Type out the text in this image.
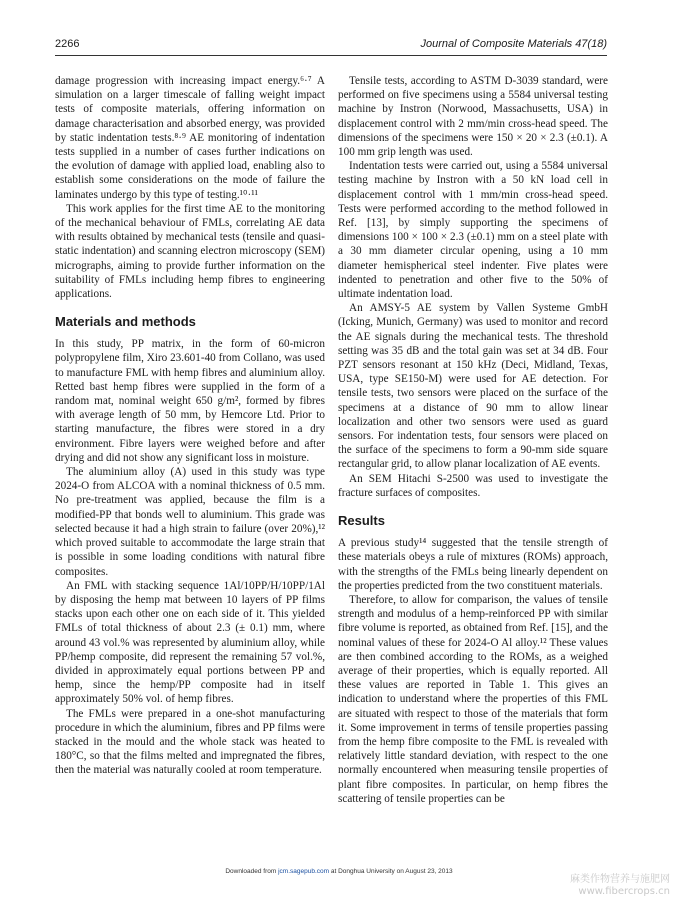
2266	Journal of Composite Materials 47(18)

damage progression with increasing impact energy.⁶·⁷ A simulation on a larger timescale of falling weight impact tests of composite materials, offering information on damage characterisation and absorbed energy, was provided by static indentation tests.⁸·⁹ AE monitoring of indentation tests supplied in a number of cases further indications on the evolution of damage with applied load, enabling also to establish some considerations on the mode of failure the laminates undergo by this type of testing.¹⁰·¹¹

This work applies for the first time AE to the monitoring of the mechanical behaviour of FMLs, correlating AE data with results obtained by mechanical tests (tensile and quasi-static indentation) and scanning electron microscopy (SEM) micrographs, aiming to provide further information on the suitability of FMLs including hemp fibres to engineering applications.

Materials and methods

In this study, PP matrix, in the form of 60-micron polypropylene film, Xiro 23.601-40 from Collano, was used to manufacture FML with hemp fibres and aluminium alloy. Retted bast hemp fibres were supplied in the form of a random mat, nominal weight 650 g/m², formed by fibres with average length of 50 mm, by Hemcore Ltd. Prior to starting manufacture, the fibres were stored in a dry environment. Fibre layers were weighed before and after drying and did not show any significant loss in moisture.

The aluminium alloy (A) used in this study was type 2024-O from ALCOA with a nominal thickness of 0.5 mm. No pre-treatment was applied, because the film is a modified-PP that bonds well to aluminium. This grade was selected because it had a high strain to failure (over 20%),¹² which proved suitable to accommodate the large strain that is possible in some loading conditions with natural fibre composites.

An FML with stacking sequence 1Al/10PP/H/10PP/1Al by disposing the hemp mat between 10 layers of PP films stacks upon each other one on each side of it. This yielded FMLs of total thickness of about 2.3 (± 0.1) mm, where around 43 vol.% was represented by aluminium alloy, while PP/hemp composite, did represent the remaining 57 vol.%, divided in approximately equal portions between PP and hemp, since the hemp/PP composite had in itself approximately 50% vol. of hemp fibres.

The FMLs were prepared in a one-shot manufacturing procedure in which the aluminium, fibres and PP films were stacked in the mould and the whole stack was heated to 180°C, so that the films melted and impregnated the fibres, then the material was naturally cooled at room temperature.

Tensile tests, according to ASTM D-3039 standard, were performed on five specimens using a 5584 universal testing machine by Instron (Norwood, Massachusetts, USA) in displacement control with 2 mm/min cross-head speed. The dimensions of the specimens were 150 × 20 × 2.3 (±0.1). A 100 mm grip length was used.

Indentation tests were carried out, using a 5584 universal testing machine by Instron with a 50 kN load cell in displacement control with 1 mm/min cross-head speed. Tests were performed according to the method followed in Ref. [13], by simply supporting the specimens of dimensions 100 × 100 × 2.3 (±0.1) mm on a steel plate with a 30 mm diameter circular opening, using a 10 mm diameter hemispherical steel indenter. Five plates were indented to penetration and other five to the 50% of ultimate indentation load.

An AMSY-5 AE system by Vallen Systeme GmbH (Icking, Munich, Germany) was used to monitor and record the AE signals during the mechanical tests. The threshold setting was 35 dB and the total gain was set at 34 dB. Four PZT sensors resonant at 150 kHz (Deci, Midland, Texas, USA, type SE150-M) were used for AE detection. For tensile tests, two sensors were placed on the surface of the specimens at a distance of 90 mm to allow linear localization and other two sensors were used as guard sensors. For indentation tests, four sensors were placed on the surface of the specimens to form a 90-mm side square rectangular grid, to allow planar localization of AE events.

An SEM Hitachi S-2500 was used to investigate the fracture surfaces of composites.

Results

A previous study¹⁴ suggested that the tensile strength of these materials obeys a rule of mixtures (ROMs) approach, with the strengths of the FMLs being linearly dependent on the properties predicted from the two constituent materials.

Therefore, to allow for comparison, the values of tensile strength and modulus of a hemp-reinforced PP with similar fibre volume is reported, as obtained from Ref. [15], and the nominal values of these for 2024-O Al alloy.¹² These values are then combined according to the ROMs, as a weighed average of their properties, which is equally reported. All these values are reported in Table 1. This gives an indication to understand where the properties of this FML are situated with respect to those of the materials that form it. Some improvement in terms of tensile properties passing from the hemp fibre composite to the FML is revealed with relatively little standard deviation, with respect to the one normally encountered when measuring tensile properties of plant fibre composites. In particular, on hemp fibres the scattering of tensile properties can be

Downloaded from jcm.sagepub.com at Donghua University on August 23, 2013
麻类作物营养与施肥网
www.fibercrops.cn
